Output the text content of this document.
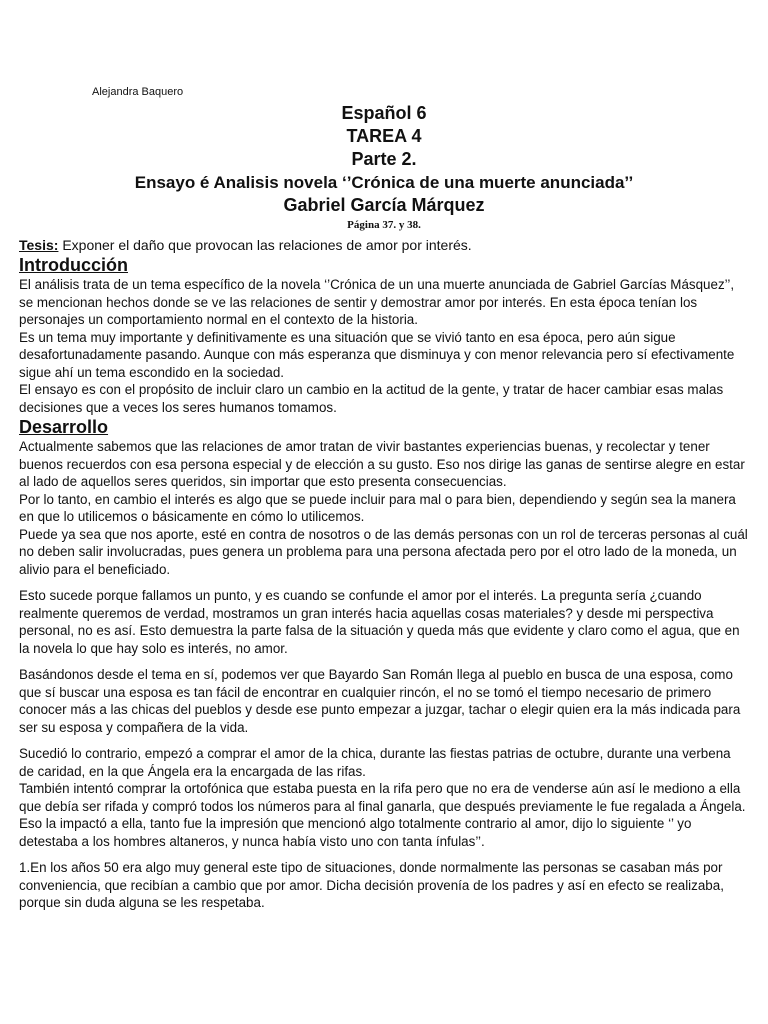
Alejandra Baquero
Español 6
TAREA 4
Parte 2.
Ensayo é Analisis novela ‘’Crónica de una muerte anunciada’’
Gabriel García Márquez
Página 37. y 38.
Tesis: Exponer el daño que provocan las relaciones de amor por interés.
Introducción

El análisis trata de un tema específico de la novela ‘’Crónica de un una muerte anunciada de Gabriel Garcías Másquez’’, se mencionan hechos donde se ve las relaciones de sentir y demostrar amor por interés. En esta época tenían los personajes un comportamiento normal en el contexto de la historia.

Es un tema muy importante y definitivamente es una situación que se vivió tanto en esa época, pero aún sigue desafortunadamente pasando. Aunque con más esperanza que disminuya y con menor relevancia pero sí efectivamente sigue ahí un tema escondido en la sociedad.

El ensayo es con el propósito de incluir claro un cambio en la actitud de la gente, y tratar de hacer cambiar esas malas decisiones que a veces los seres humanos tomamos.

Desarrollo

Actualmente sabemos que las relaciones de amor tratan de vivir bastantes experiencias buenas, y recolectar y tener buenos recuerdos con esa persona especial y de elección a su gusto. Eso nos dirige las ganas de sentirse alegre en estar al lado de aquellos seres queridos, sin importar que esto presenta consecuencias.

Por lo tanto, en cambio el interés es algo que se puede incluir para mal o para bien, dependiendo y según sea la manera en que lo utilicemos o básicamente en cómo lo utilicemos.

Puede ya sea que nos aporte, esté en contra de nosotros o de las demás personas con un rol de terceras personas al cuál no deben salir involucradas, pues genera un problema para una persona afectada pero por el otro lado de la moneda, un alivio para el beneficiado.

Esto sucede porque fallamos un punto, y es cuando se confunde el amor por el interés. La pregunta sería ¿cuando realmente queremos de verdad, mostramos un gran interés hacia aquellas cosas materiales? y desde mi perspectiva personal, no es así. Esto demuestra la parte falsa de la situación y queda más que evidente y claro como el agua, que en la novela lo que hay solo es interés, no amor.

Basándonos desde el tema en sí, podemos ver que Bayardo San Román llega al pueblo en busca de una esposa, como que sí buscar una esposa es tan fácil de encontrar en cualquier rincón, el no se tomó el tiempo necesario de primero conocer más a las chicas del pueblos y desde ese punto empezar a juzgar, tachar o elegir quien era la más indicada para ser su esposa y compañera de la vida.

Sucedió lo contrario, empezó a comprar el amor de la chica, durante las fiestas patrias de octubre, durante una verbena de caridad, en la que Ángela era la encargada de las rifas.

También intentó comprar la ortofónica que estaba puesta en la rifa pero que no era de venderse aún así le mediono a ella que debía ser rifada y compró todos los números para al final ganarla, que después previamente le fue regalada a Ángela. Eso la impactó a ella, tanto fue la impresión que mencionó algo totalmente contrario al amor, dijo lo siguiente ‘’ yo detestaba a los hombres altaneros, y nunca había visto uno con tanta ínfulas’’.

1.En los años 50 era algo muy general este tipo de situaciones, donde normalmente las personas se casaban más por conveniencia, que recibían a cambio que por amor. Dicha decisión provenía de los padres y así en efecto se realizaba, porque sin duda alguna se les respetaba.
